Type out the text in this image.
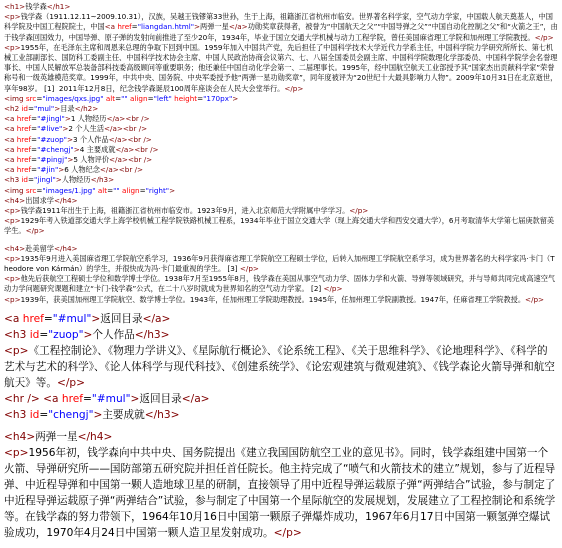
<h1>钱学森</h1>
<p>钱学森（1911.12.11~2009.10.31），汉族，吴越王钱镠第33世孙，生于上海，祖籍浙江省杭州市临安。世界著名科学家，空气动力学家，中国载人航天奠基人，中国科学院及中国工程院院士，中国<a href="liangdan.html">两弹一星</a>功勋奖章获得者，被誉为“中国航天之父”“中国导弹之父”“中国自动化控制之父”和“火箭之王”，由于钱学森回国效力，中国导弹、原子弹的发射向前推进了至少20年，1934年，毕业于国立交通大学机械与动力工程学院，曾任美国麻省理工学院和加州理工学院教授。</p>
<p>1955年，在毛泽东主席和周恩来总理的争取下回到中国。1959年加入中国共产党，先后担任了中国科学技术大学近代力学系主任，中国科学院力学研究所所长、第七机械工业部副部长、国防科工委副主任、中国科学技术协会主席、中国人民政治协商会议第六、七、八届全国委员会副主席、中国科学院数理化学部委员、中国科学院学会名誉理事长、中国人民解放军总装备部科技委高级顾问等重要职务；他还兼任中国自动化学会第一、二届理事长。1995年，经中国航空航天工业部授予其“国家杰出贡献科学家”荣誉称号和一级英雄模范奖章。1999年，中共中央、国务院、中央军委授予他“两弹一星功勋奖章”，同年度被评为“20世纪十大最具影响力人物”。2009年10月31日在北京逝世，享年98岁。 [1]  2011年12月8日，纪念钱学森诞辰100周年座谈会在人民大会堂举行。</p>
<img src="images/qxs.jpg" alt="" align="left" height="170px">
<h2 id="mul">目录</h2>
<a href="#jingl">1 人物经历</a><br />
<a href="#live">2 个人生活</a><br />
<a href="#zuop">3 个人作品</a><br />
<a href="#chengj">4 主要成就</a><br />
<a href="#pingj">5 人物评价</a><br />
<a href="#jin">6 人物纪念</a><br />
<h3 id="jingl">人物经历</h3>
<img src="images/1.jpg" alt="" align="right">
<h4>出国求学</h4>
<p>钱学森1911年出生于上海，祖籍浙江省杭州市临安市。1923年9月，进入北京师范大学附属中学学习。</p>
<p>1929年考入铁道部交通大学上海学校机械工程学院铁路机械工程系，1934年毕业于国立交通大学（现上海交通大学和西安交通大学），6月考取清华大学第七届庚款留美学生。</p>
<h4>赴美留学</h4>
<p>1935年9月进入美国麻省理工学院航空系学习，1936年9月获得麻省理工学院航空工程硕士学位，后转入加州理工学院航空系学习，成为世界著名的大科学家冯·卡门（Theodore von Kármán）的学生，并很快成为冯·卡门最重视的学生。 [3] </p>
<p>他先后获航空工程硕士学位和数学博士学位。1938年7月至1955年8月，钱学森在美国从事空气动力学、固体力学和火箭、导弹等领域研究，并与导师共同完成高速空气动力学问题研究课题和建立“卡门-钱学森”公式，在二十八岁时就成为世界知名的空气动力学家。 [2] </p>
<p>1939年，获美国加州理工学院航空、数学博士学位。1943年，任加州理工学院助理教授。1945年，任加州理工学院副教授。1947年，任麻省理工学院教授。</p>
<a href="#mul">返回目录</a>
<h3 id="zuop">个人作品</h3>
<p>《工程控制论》、《物理力学讲义》、《星际航行概论》、《论系统工程》、《关于思维科学》、《论地理科学》、《科学的艺术与艺术的科学》、《论人体科学与现代科技》、《创建系统学》、《论宏观建筑与微观建筑》、《钱学森论火箭导弹和航空航天》等。</p>
<hr /> <a href="#mul">返回目录</a>
<h3 id="chengj">主要成就</h3>
<h4>两弹一星</h4>
<p>1956年初，钱学森向中共中央、国务院提出《建立我国国防航空工业的意见书》。同时，钱学森组建中国第一个火箭、导弹研究所——国防部第五研究院并担任首任院长。他主持完成了“喷气和火箭技术的建立”规划，参与了近程导弹、中近程导弹和中国第一颗人造地球卫星的研制，直接领导了用中近程导弹运载原子弹“两弹结合”试验，参与制定了中近程导弹运载原子弹“两弹结合”试验，参与制定了中国第一个星际航空的发展规划，发展建立了工程控制论和系统学等。在钱学森的努力带领下，1964年10月16日中国第一颗原子弹爆炸成功，1967年6月17日中国第一颗氢弹空爆试验成功，1970年4月24日中国第一颗人造卫星发射成功。</p>
